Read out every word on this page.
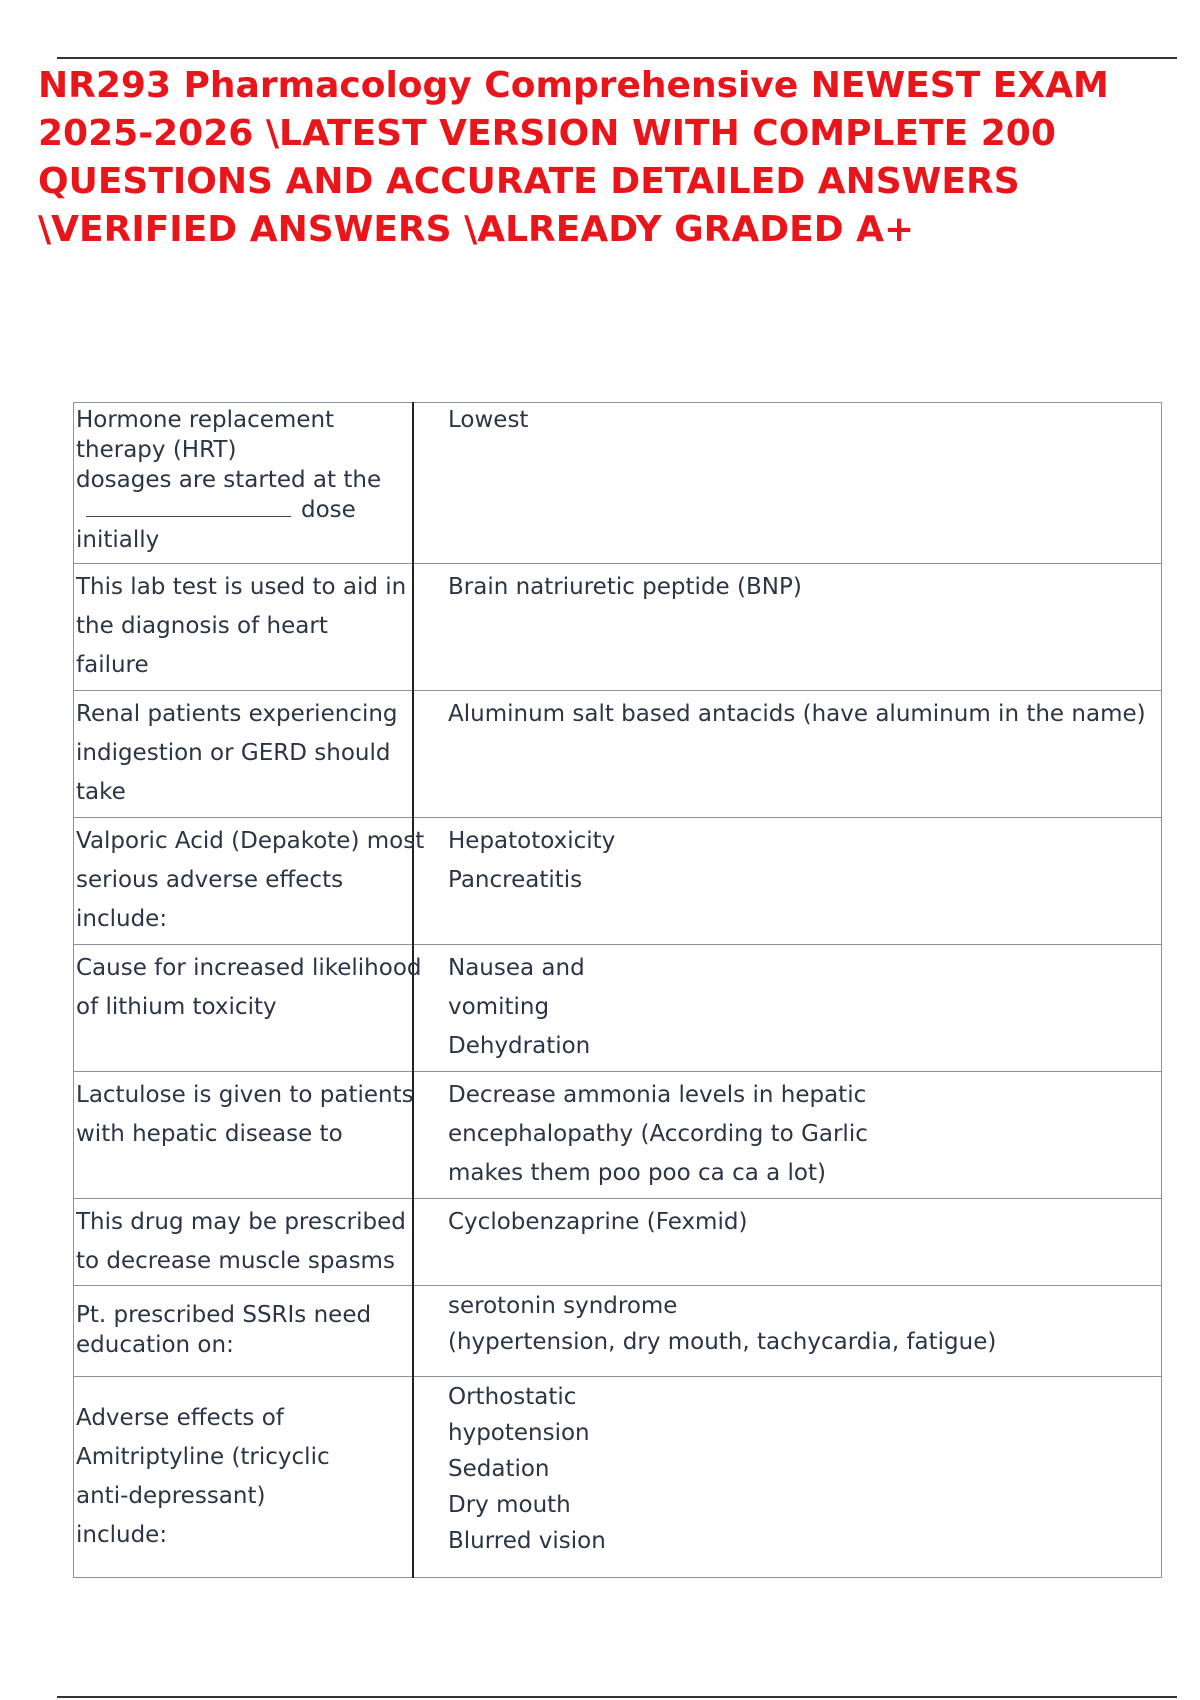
NR293 Pharmacology Comprehensive NEWEST EXAM
2025-2026 \LATEST VERSION WITH COMPLETE 200
QUESTIONS AND ACCURATE DETAILED ANSWERS
\VERIFIED ANSWERS \ALREADY GRADED A+
Hormone replacement
therapy (HRT)
dosages are started at the
dose
initially	Lowest

This lab test is used to aid in
the diagnosis of heart
failure	Brain natriuretic peptide (BNP)

Renal patients experiencing
indigestion or GERD should
take	Aluminum salt based antacids (have aluminum in the name)

Valporic Acid (Depakote) most
serious adverse effects
include:	Hepatotoxicity
Pancreatitis

Cause for increased likelihood
of lithium toxicity	Nausea and
vomiting
Dehydration

Lactulose is given to patients
with hepatic disease to	Decrease ammonia levels in hepatic
encephalopathy (According to Garlic
makes them poo poo ca ca a lot)

This drug may be prescribed
to decrease muscle spasms	Cyclobenzaprine (Fexmid)

Pt. prescribed SSRIs need
education on:	serotonin syndrome
(hypertension, dry mouth, tachycardia, fatigue)

Adverse effects of
Amitriptyline (tricyclic
anti-depressant)
include:	Orthostatic
hypotension
Sedation
Dry mouth
Blurred vision
